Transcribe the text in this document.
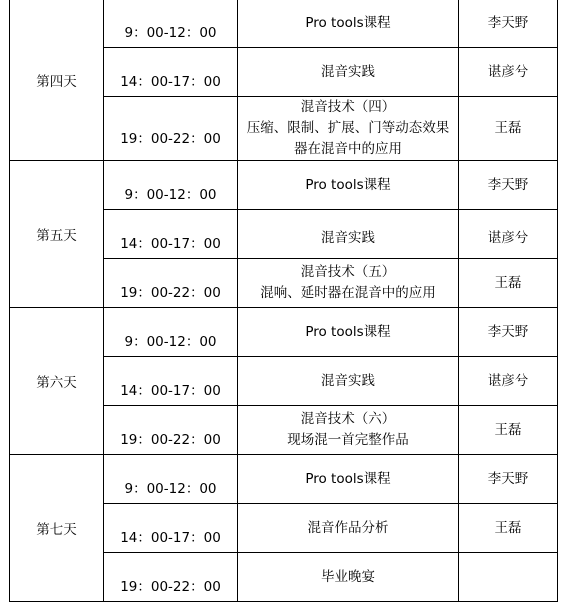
第四天	9：00-12：00	Pro tools课程	李天野
	14：00-17：00	混音实践	谌彦兮
	19：00-22：00	混音技术（四）
压缩、限制、扩展、门等动态效果
器在混音中的应用	王磊
第五天	9：00-12：00	Pro tools课程	李天野
	14：00-17：00	混音实践	谌彦兮

	19：00-22：00	混音技术（五）
混响、延时器在混音中的应用	王磊
第六天	9：00-12：00	Pro tools课程	李天野
	14：00-17：00	混音实践	谌彦兮
	19：00-22：00	混音技术（六）
现场混一首完整作品	王磊
第七天	9：00-12：00	Pro tools课程	李天野
	14：00-17：00	混音作品分析	王磊
	19：00-22：00	毕业晚宴	
